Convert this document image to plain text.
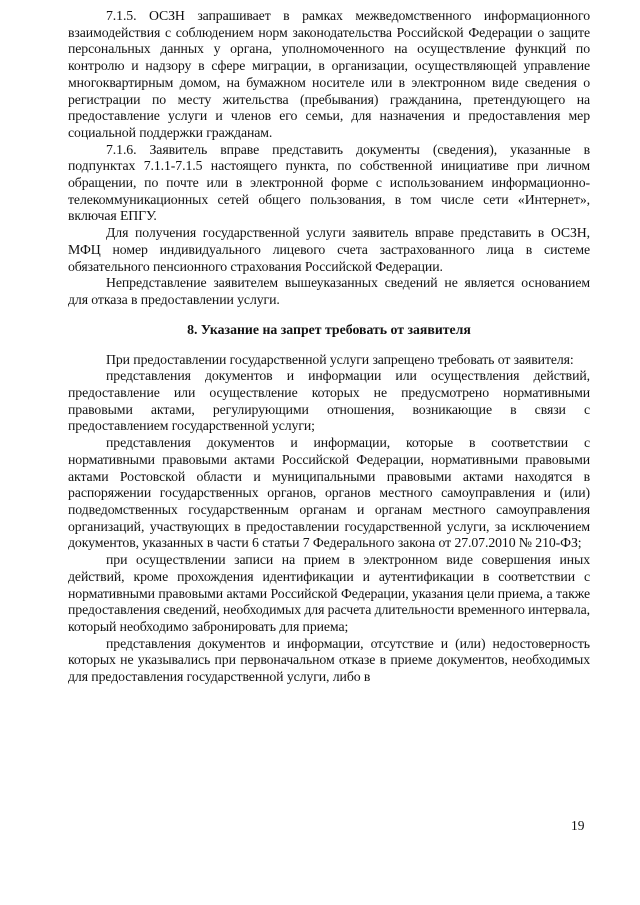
7.1.5. ОСЗН запрашивает в рамках межведомственного информационного взаимодействия с соблюдением норм законодательства Российской Федерации о защите персональных данных у органа, уполномоченного на осуществление функций по контролю и надзору в сфере миграции, в организации, осуществляющей управление многоквартирным домом, на бумажном носителе или в электронном виде сведения о регистрации по месту жительства (пребывания) гражданина, претендующего на предоставление услуги и членов его семьи, для назначения и предоставления мер социальной поддержки гражданам.

7.1.6. Заявитель вправе представить документы (сведения), указанные в подпунктах 7.1.1-7.1.5 настоящего пункта, по собственной инициативе при личном обращении, по почте или в электронной форме с использованием информационно-телекоммуникационных сетей общего пользования, в том числе сети «Интернет», включая ЕПГУ.

Для получения государственной услуги заявитель вправе представить в ОСЗН, МФЦ номер индивидуального лицевого счета застрахованного лица в системе обязательного пенсионного страхования Российской Федерации.

Непредставление заявителем вышеуказанных сведений не является основанием для отказа в предоставлении услуги.

8. Указание на запрет требовать от заявителя

При предоставлении государственной услуги запрещено требовать от заявителя:

представления документов и информации или осуществления действий, предоставление или осуществление которых не предусмотрено нормативными правовыми актами, регулирующими отношения, возникающие в связи с предоставлением государственной услуги;

представления документов и информации, которые в соответствии с нормативными правовыми актами Российской Федерации, нормативными правовыми актами Ростовской области и муниципальными правовыми актами находятся в распоряжении государственных органов, органов местного самоуправления и (или) подведомственных государственным органам и органам местного самоуправления организаций, участвующих в предоставлении государственной услуги, за исключением документов, указанных в части 6 статьи 7 Федерального закона от 27.07.2010 № 210-ФЗ;

при осуществлении записи на прием в электронном виде совершения иных действий, кроме прохождения идентификации и аутентификации в соответствии с нормативными правовыми актами Российской Федерации, указания цели приема, а также предоставления сведений, необходимых для расчета длительности временного интервала, который необходимо забронировать для приема;

представления документов и информации, отсутствие и (или) недостоверность которых не указывались при первоначальном отказе в приеме документов, необходимых для предоставления государственной услуги, либо в

19
